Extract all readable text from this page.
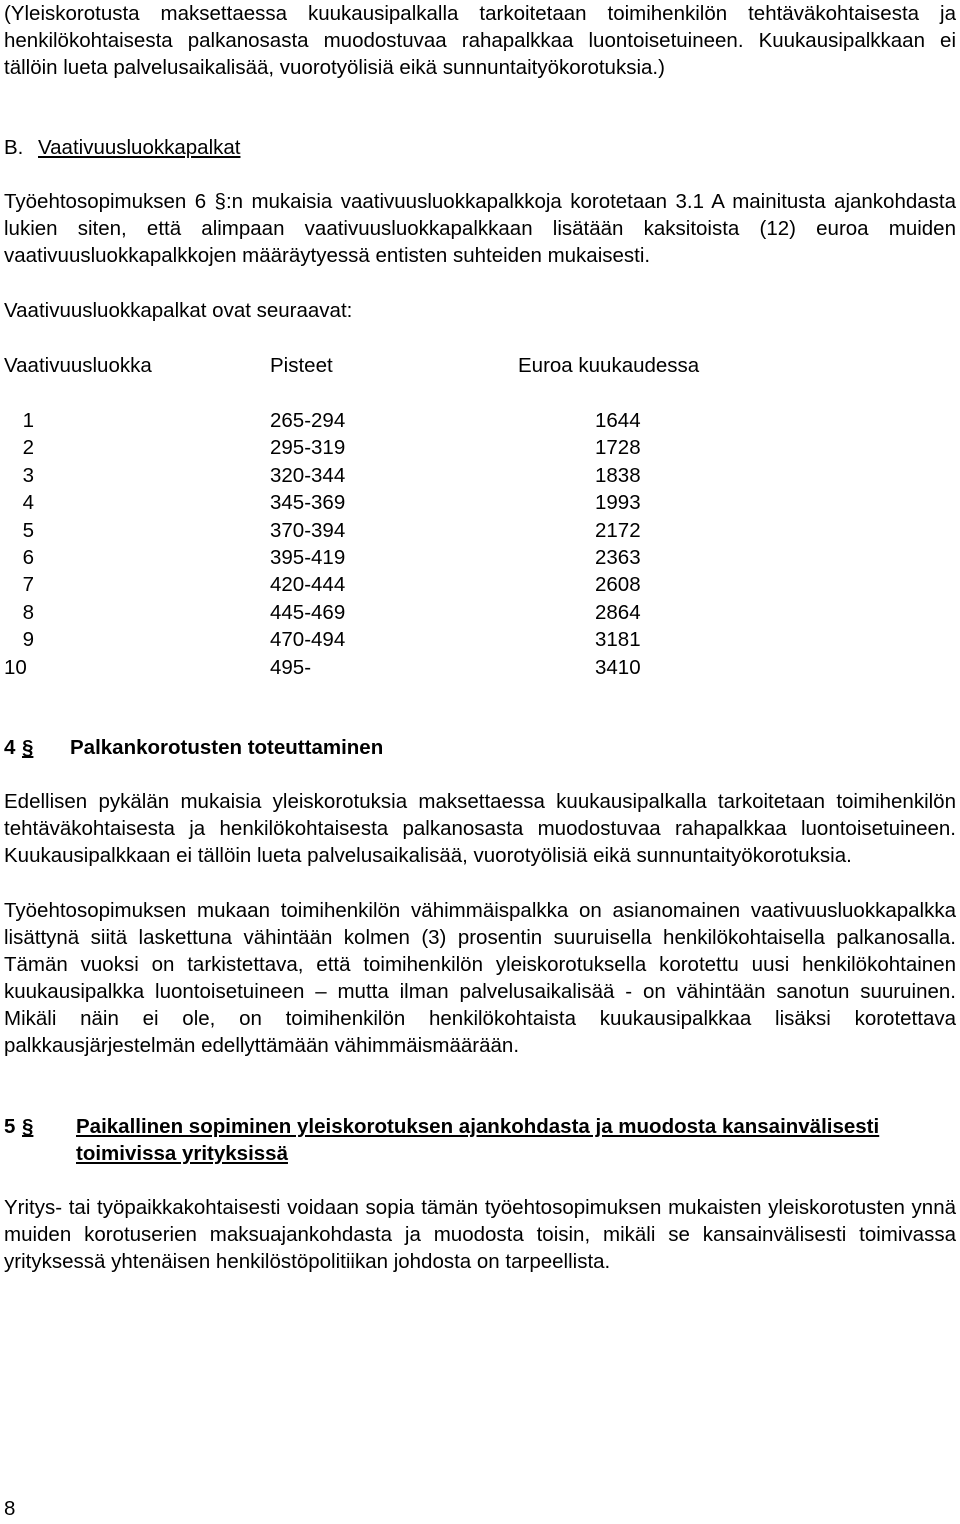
(Yleiskorotusta maksettaessa kuukausipalkalla tarkoitetaan toimihenkilön tehtäväkohtaisesta ja henkilökohtaisesta palkanosasta muodostuvaa rahapalkkaa luontoisetuineen. Kuukausipalkkaan ei tällöin lueta palvelusaikalisää, vuorotyölisiä eikä sunnuntaityökorotuksia.)

B. Vaativuusluokkapalkat

Työehtosopimuksen 6 §:n mukaisia vaativuusluokkapalkkoja korotetaan 3.1 A mainitusta ajankohdasta lukien siten, että alimpaan vaativuusluokkapalkkaan lisätään kaksitoista (12) euroa muiden vaativuusluokkapalkkojen määräytyessä entisten suhteiden mukaisesti.

Vaativuusluokkapalkat ovat seuraavat:

Vaativuusluokka	Pisteet	Euroa kuukaudessa
1	265-294	1644
2	295-319	1728
3	320-344	1838
4	345-369	1993
5	370-394	2172
6	395-419	2363
7	420-444	2608
8	445-469	2864
9	470-494	3181
10	495-	3410
4 §	Palkankorotusten toteuttaminen

Edellisen pykälän mukaisia yleiskorotuksia maksettaessa kuukausipalkalla tarkoitetaan toimihenkilön tehtäväkohtaisesta ja henkilökohtaisesta palkanosasta muodostuvaa rahapalkkaa luontoisetuineen. Kuukausipalkkaan ei tällöin lueta palvelusaikalisää, vuorotyölisiä eikä sunnuntaityökorotuksia.

Työehtosopimuksen mukaan toimihenkilön vähimmäispalkka on asianomainen vaativuusluokkapalkka lisättynä siitä laskettuna vähintään kolmen (3) prosentin suuruisella henkilökohtaisella palkanosalla. Tämän vuoksi on tarkistettava, että toimihenkilön yleiskorotuksella korotettu uusi henkilökohtainen kuukausipalkka luontoisetuineen – mutta ilman palvelusaikalisää - on vähintään sanotun suuruinen. Mikäli näin ei ole, on toimihenkilön henkilökohtaista kuukausipalkkaa lisäksi korotettava palkkausjärjestelmän edellyttämään vähimmäismäärään.

5 §	Paikallinen sopiminen yleiskorotuksen ajankohdasta ja muodosta kansainvälisesti toimivissa yrityksissä

Yritys- tai työpaikkakohtaisesti voidaan sopia tämän työehtosopimuksen mukaisten yleiskorotusten ynnä muiden korotuserien maksuajankohdasta ja muodosta toisin, mikäli se kansainvälisesti toimivassa yrityksessä yhtenäisen henkilöstöpolitiikan johdosta on tarpeellista.

8
